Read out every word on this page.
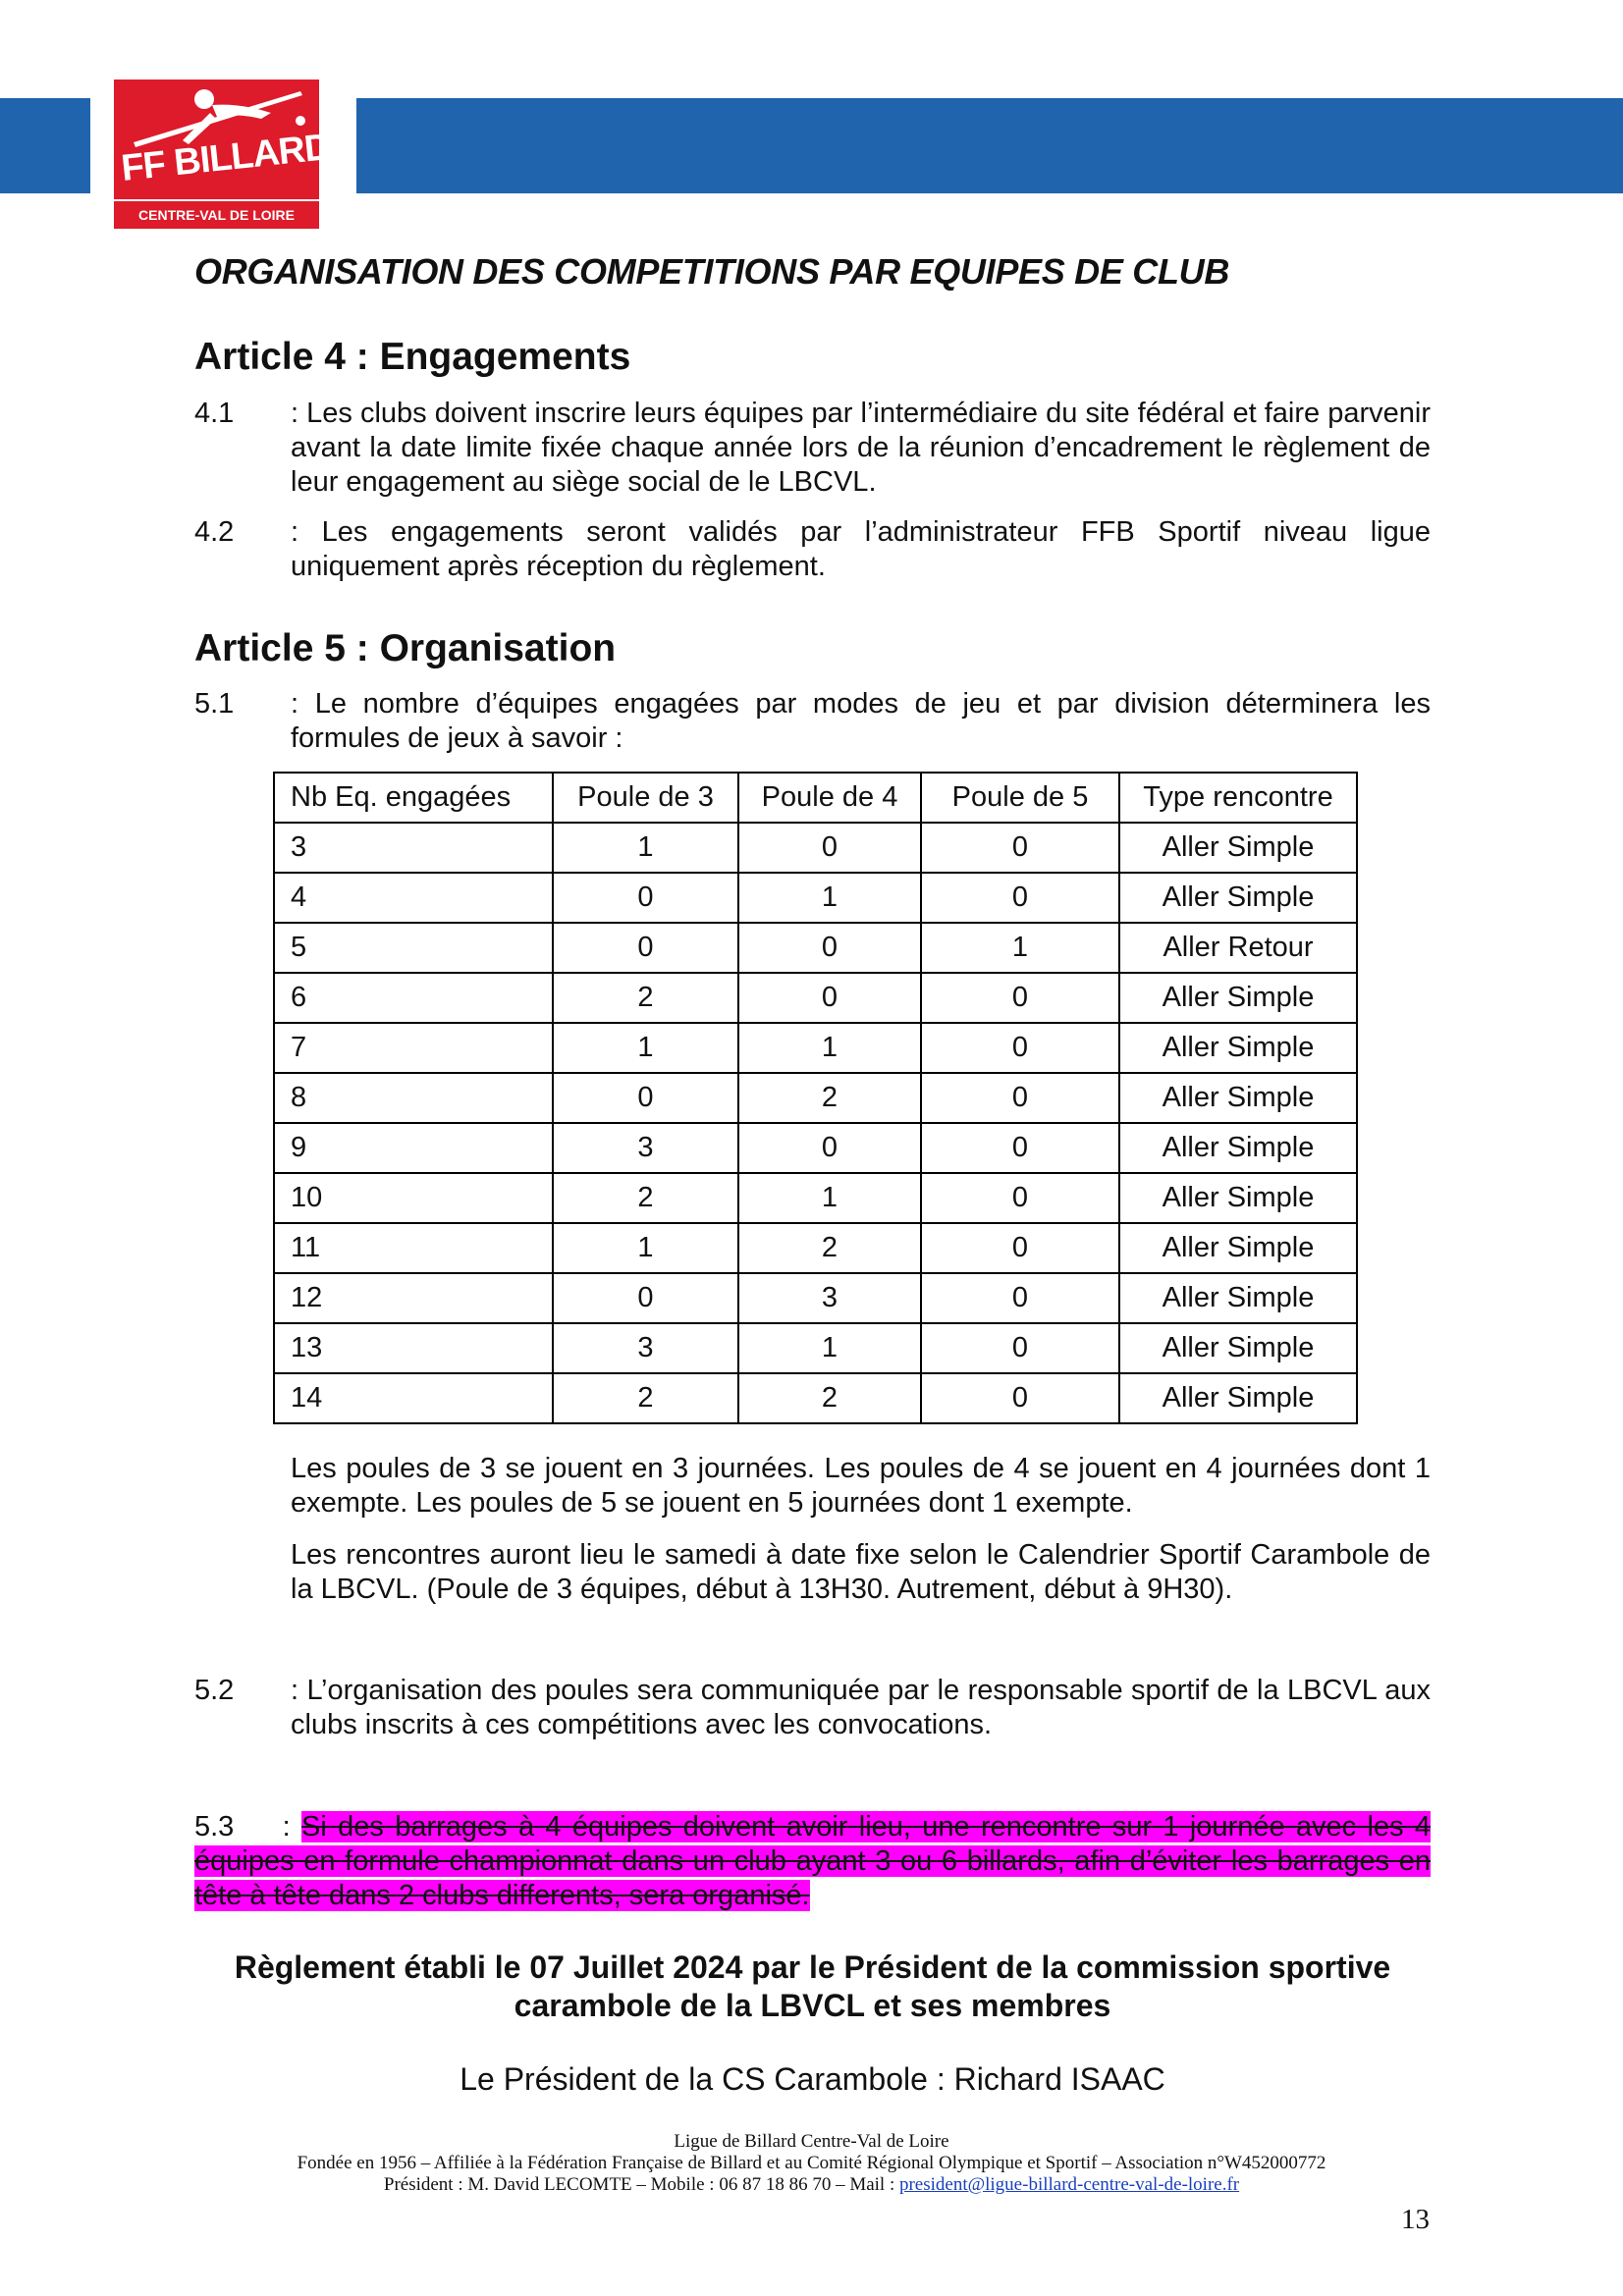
FF BILLARD
CENTRE-VAL DE LOIRE
ORGANISATION DES COMPETITIONS PAR EQUIPES DE CLUB
Article 4 : Engagements
4.1 : Les clubs doivent inscrire leurs équipes par l’intermédiaire du site fédéral et faire parvenir avant la date limite fixée chaque année lors de la réunion d’encadrement le règlement de leur engagement au siège social de le LBCVL.
4.2 : Les engagements seront validés par l’administrateur FFB Sportif niveau ligue uniquement après réception du règlement.
Article 5 : Organisation
5.1 : Le nombre d’équipes engagées par modes de jeu et par division déterminera les formules de jeux à savoir :
Nb Eq. engagées	Poule de 3	Poule de 4	Poule de 5	Type rencontre
3	1	0	0	Aller Simple
4	0	1	0	Aller Simple
5	0	0	1	Aller Retour
6	2	0	0	Aller Simple
7	1	1	0	Aller Simple
8	0	2	0	Aller Simple
9	3	0	0	Aller Simple
10	2	1	0	Aller Simple
11	1	2	0	Aller Simple
12	0	3	0	Aller Simple
13	3	1	0	Aller Simple
14	2	2	0	Aller Simple
Les poules de 3 se jouent en 3 journées. Les poules de 4 se jouent en 4 journées dont 1 exempte. Les poules de 5 se jouent en 5 journées dont 1 exempte.
Les rencontres auront lieu le samedi à date fixe selon le Calendrier Sportif Carambole de la LBCVL. (Poule de 3 équipes, début à 13H30. Autrement, début à 9H30).
5.2 : L’organisation des poules sera communiquée par le responsable sportif de la LBCVL aux clubs inscrits à ces compétitions avec les convocations.
5.3 : Si des barrages à 4 équipes doivent avoir lieu, une rencontre sur 1 journée avec les 4 équipes en formule championnat dans un club ayant 3 ou 6 billards, afin d’éviter les barrages en tête à tête dans 2 clubs differents, sera organisé.
Règlement établi le 07 Juillet 2024 par le Président de la commission sportive
carambole de la LBVCL et ses membres
Le Président de la CS Carambole : Richard ISAAC
Ligue de Billard Centre-Val de Loire
Fondée en 1956 – Affiliée à la Fédération Française de Billard et au Comité Régional Olympique et Sportif – Association n°W452000772
Président : M. David LECOMTE – Mobile : 06 87 18 86 70 – Mail : president@ligue-billard-centre-val-de-loire.fr
13
